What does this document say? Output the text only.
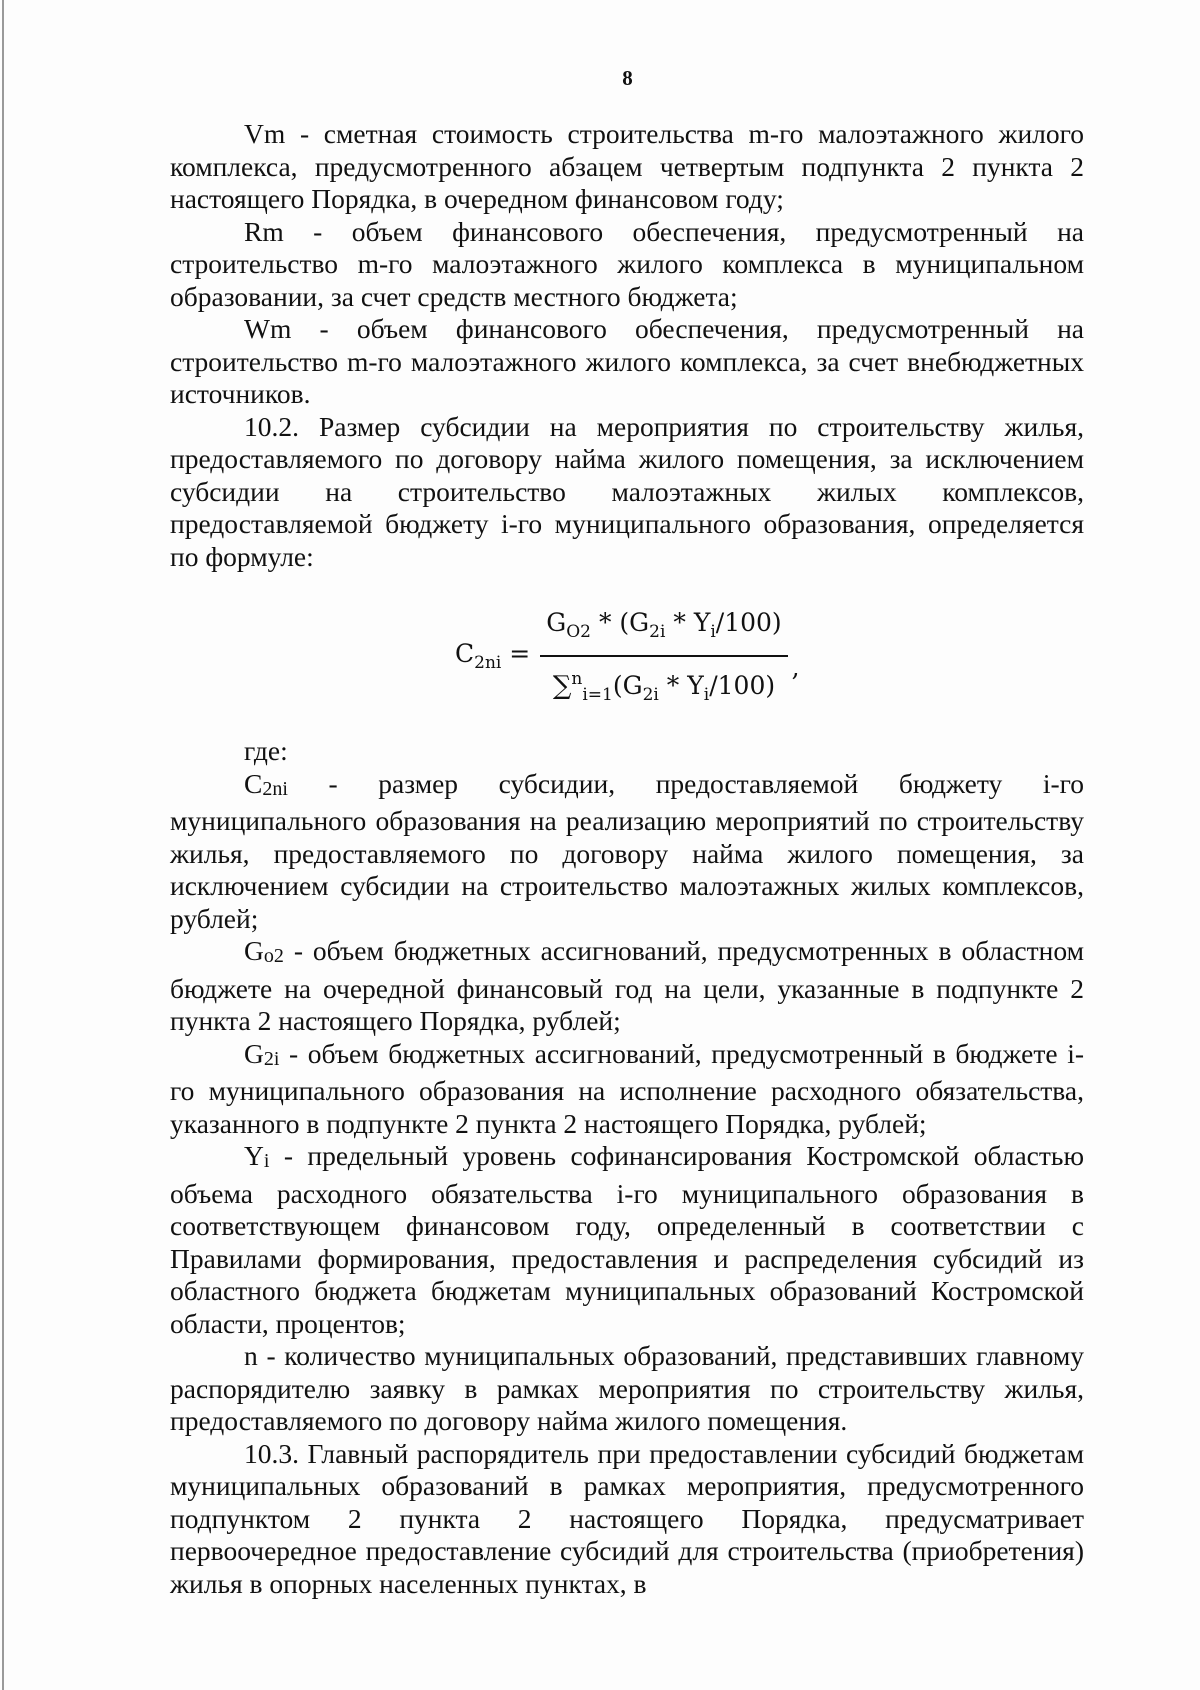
8

Vm - сметная стоимость строительства m-го малоэтажного жилого комплекса, предусмотренного абзацем четвертым подпункта 2 пункта 2 настоящего Порядка, в очередном финансовом году;

Rm - объем финансового обеспечения, предусмотренный на строительство m-го малоэтажного жилого комплекса в муниципальном образовании, за счет средств местного бюджета;

Wm - объем финансового обеспечения, предусмотренный на строительство m-го малоэтажного жилого комплекса, за счет внебюджетных источников.

10.2. Размер субсидии на мероприятия по строительству жилья, предоставляемого по договору найма жилого помещения, за исключением субсидии на строительство малоэтажных жилых комплексов, предоставляемой бюджету i-го муниципального образования, определяется по формуле:

$C_{2ni} = \frac{G_{O2} * (G_{2i} * Y_i/100)}{\sum^n_{i=1}(G_{2i} * Y_i/100)}$ ,

где:

C2ni - размер субсидии, предоставляемой бюджету i-го муниципального образования на реализацию мероприятий по строительству жилья, предоставляемого по договору найма жилого помещения, за исключением субсидии на строительство малоэтажных жилых комплексов, рублей;

Go2 - объем бюджетных ассигнований, предусмотренных в областном бюджете на очередной финансовый год на цели, указанные в подпункте 2 пункта 2 настоящего Порядка, рублей;

G2i - объем бюджетных ассигнований, предусмотренный в бюджете i-го муниципального образования на исполнение расходного обязательства, указанного в подпункте 2 пункта 2 настоящего Порядка, рублей;

Yi - предельный уровень софинансирования Костромской областью объема расходного обязательства i-го муниципального образования в соответствующем финансовом году, определенный в соответствии с Правилами формирования, предоставления и распределения субсидий из областного бюджета бюджетам муниципальных образований Костромской области, процентов;

n - количество муниципальных образований, представивших главному распорядителю заявку в рамках мероприятия по строительству жилья, предоставляемого по договору найма жилого помещения.

10.3. Главный распорядитель при предоставлении субсидий бюджетам муниципальных образований в рамках мероприятия, предусмотренного подпунктом 2 пункта 2 настоящего Порядка, предусматривает первоочередное предоставление субсидий для строительства (приобретения) жилья в опорных населенных пунктах, в
